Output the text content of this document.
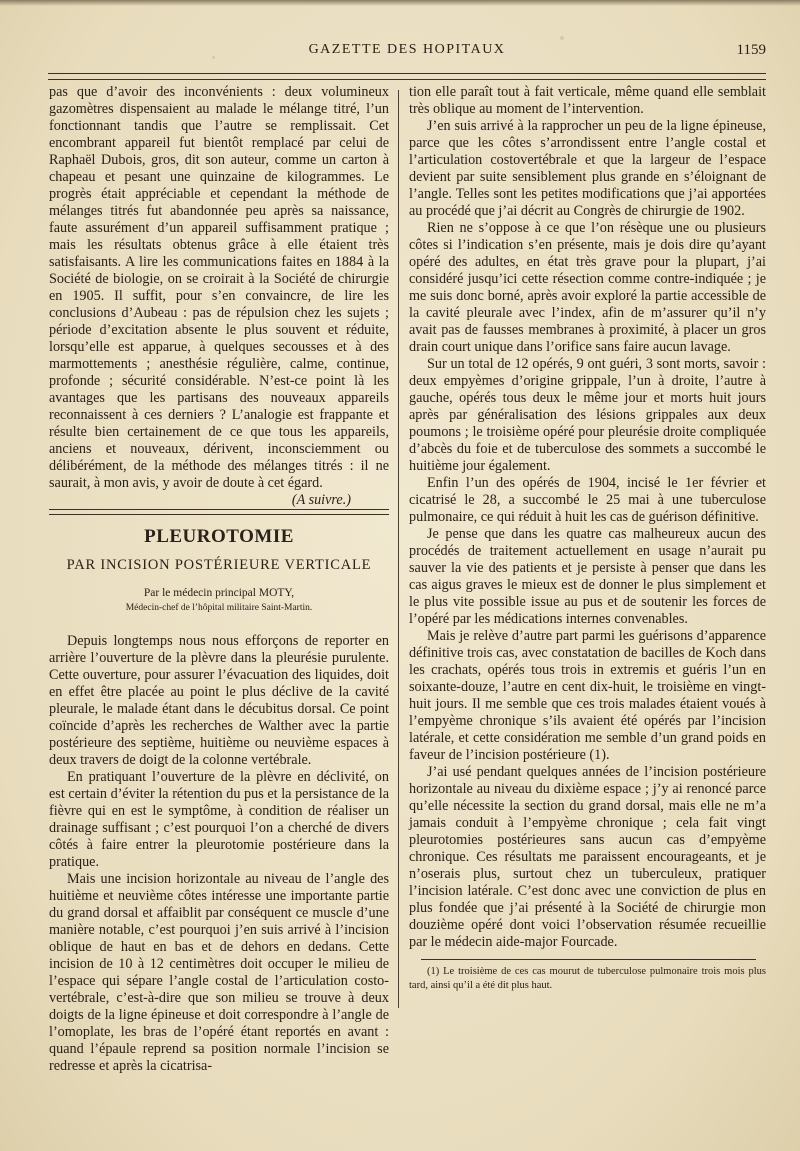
GAZETTE DES HOPITAUX	1159

pas que d’avoir des inconvénients : deux volumineux gazomètres dispensaient au malade le mélange titré, l’un fonctionnant tandis que l’autre se remplissait. Cet encombrant appareil fut bientôt remplacé par celui de Raphaël Dubois, gros, dit son auteur, comme un carton à chapeau et pesant une quinzaine de kilogrammes. Le progrès était appréciable et cependant la méthode de mélanges titrés fut abandonnée peu après sa naissance, faute assurément d’un appareil suffisamment pratique ; mais les résultats obtenus grâce à elle étaient très satisfaisants. A lire les communications faites en 1884 à la Société de biologie, on se croirait à la Société de chirurgie en 1905. Il suffit, pour s’en convaincre, de lire les conclusions d’Aubeau : pas de répulsion chez les sujets ; période d’excitation absente le plus souvent et réduite, lorsqu’elle est apparue, à quelques secousses et à des marmottements ; anesthésie régulière, calme, continue, profonde ; sécurité considérable. N’est-ce point là les avantages que les partisans des nouveaux appareils reconnaissent à ces derniers ? L’analogie est frappante et résulte bien certainement de ce que tous les appareils, anciens et nouveaux, dérivent, inconsciemment ou délibérément, de la méthode des mélanges titrés : il ne saurait, à mon avis, y avoir de doute à cet égard.

(A suivre.)

PLEUROTOMIE

PAR INCISION POSTÉRIEURE VERTICALE

Par le médecin principal MOTY,

Médecin-chef de l’hôpital militaire Saint-Martin.

Depuis longtemps nous nous efforçons de reporter en arrière l’ouverture de la plèvre dans la pleurésie purulente. Cette ouverture, pour assurer l’évacuation des liquides, doit en effet être placée au point le plus déclive de la cavité pleurale, le malade étant dans le décubitus dorsal. Ce point coïncide d’après les recherches de Walther avec la partie postérieure des septième, huitième ou neuvième espaces à deux travers de doigt de la colonne vertébrale.

En pratiquant l’ouverture de la plèvre en déclivité, on est certain d’éviter la rétention du pus et la persistance de la fièvre qui en est le symptôme, à condition de réaliser un drainage suffisant ; c’est pourquoi l’on a cherché de divers côtés à faire entrer la pleurotomie postérieure dans la pratique.

Mais une incision horizontale au niveau de l’angle des huitième et neuvième côtes intéresse une importante partie du grand dorsal et affaiblit par conséquent ce muscle d’une manière notable, c’est pourquoi j’en suis arrivé à l’incision oblique de haut en bas et de dehors en dedans. Cette incision de 10 à 12 centimètres doit occuper le milieu de l’espace qui sépare l’angle costal de l’articulation costo-vertébrale, c’est-à-dire que son milieu se trouve à deux doigts de la ligne épineuse et doit correspondre à l’angle de l’omoplate, les bras de l’opéré étant reportés en avant : quand l’épaule reprend sa position normale l’incision se redresse et après la cicatrisa-

tion elle paraît tout à fait verticale, même quand elle semblait très oblique au moment de l’intervention.

J’en suis arrivé à la rapprocher un peu de la ligne épineuse, parce que les côtes s’arrondissent entre l’angle costal et l’articulation costovertébrale et que la largeur de l’espace devient par suite sensiblement plus grande en s’éloignant de l’angle. Telles sont les petites modifications que j’ai apportées au procédé que j’ai décrit au Congrès de chirurgie de 1902.

Rien ne s’oppose à ce que l’on résèque une ou plusieurs côtes si l’indication s’en présente, mais je dois dire qu’ayant opéré des adultes, en état très grave pour la plupart, j’ai considéré jusqu’ici cette résection comme contre-indiquée ; je me suis donc borné, après avoir exploré la partie accessible de la cavité pleurale avec l’index, afin de m’assurer qu’il n’y avait pas de fausses membranes à proximité, à placer un gros drain court unique dans l’orifice sans faire aucun lavage.

Sur un total de 12 opérés, 9 ont guéri, 3 sont morts, savoir : deux empyèmes d’origine grippale, l’un à droite, l’autre à gauche, opérés tous deux le même jour et morts huit jours après par généralisation des lésions grippales aux deux poumons ; le troisième opéré pour pleurésie droite compliquée d’abcès du foie et de tuberculose des sommets a succombé le huitième jour également.

Enfin l’un des opérés de 1904, incisé le 1er février et cicatrisé le 28, a succombé le 25 mai à une tuberculose pulmonaire, ce qui réduit à huit les cas de guérison définitive.

Je pense que dans les quatre cas malheureux aucun des procédés de traitement actuellement en usage n’aurait pu sauver la vie des patients et je persiste à penser que dans les cas aigus graves le mieux est de donner le plus simplement et le plus vite possible issue au pus et de soutenir les forces de l’opéré par les médications internes convenables.

Mais je relève d’autre part parmi les guérisons d’apparence définitive trois cas, avec constatation de bacilles de Koch dans les crachats, opérés tous trois in extremis et guéris l’un en soixante-douze, l’autre en cent dix-huit, le troisième en vingt-huit jours. Il me semble que ces trois malades étaient voués à l’empyème chronique s’ils avaient été opérés par l’incision latérale, et cette considération me semble d’un grand poids en faveur de l’incision postérieure (1).

J’ai usé pendant quelques années de l’incision postérieure horizontale au niveau du dixième espace ; j’y ai renoncé parce qu’elle nécessite la section du grand dorsal, mais elle ne m’a jamais conduit à l’empyème chronique ; cela fait vingt pleurotomies postérieures sans aucun cas d’empyème chronique. Ces résultats me paraissent encourageants, et je n’oserais plus, surtout chez un tuberculeux, pratiquer l’incision latérale. C’est donc avec une conviction de plus en plus fondée que j’ai présenté à la Société de chirurgie mon douzième opéré dont voici l’observation résumée recueillie par le médecin aide-major Fourcade.

(1) Le troisième de ces cas mourut de tuberculose pulmonaire trois mois plus tard, ainsi qu’il a été dit plus haut.
